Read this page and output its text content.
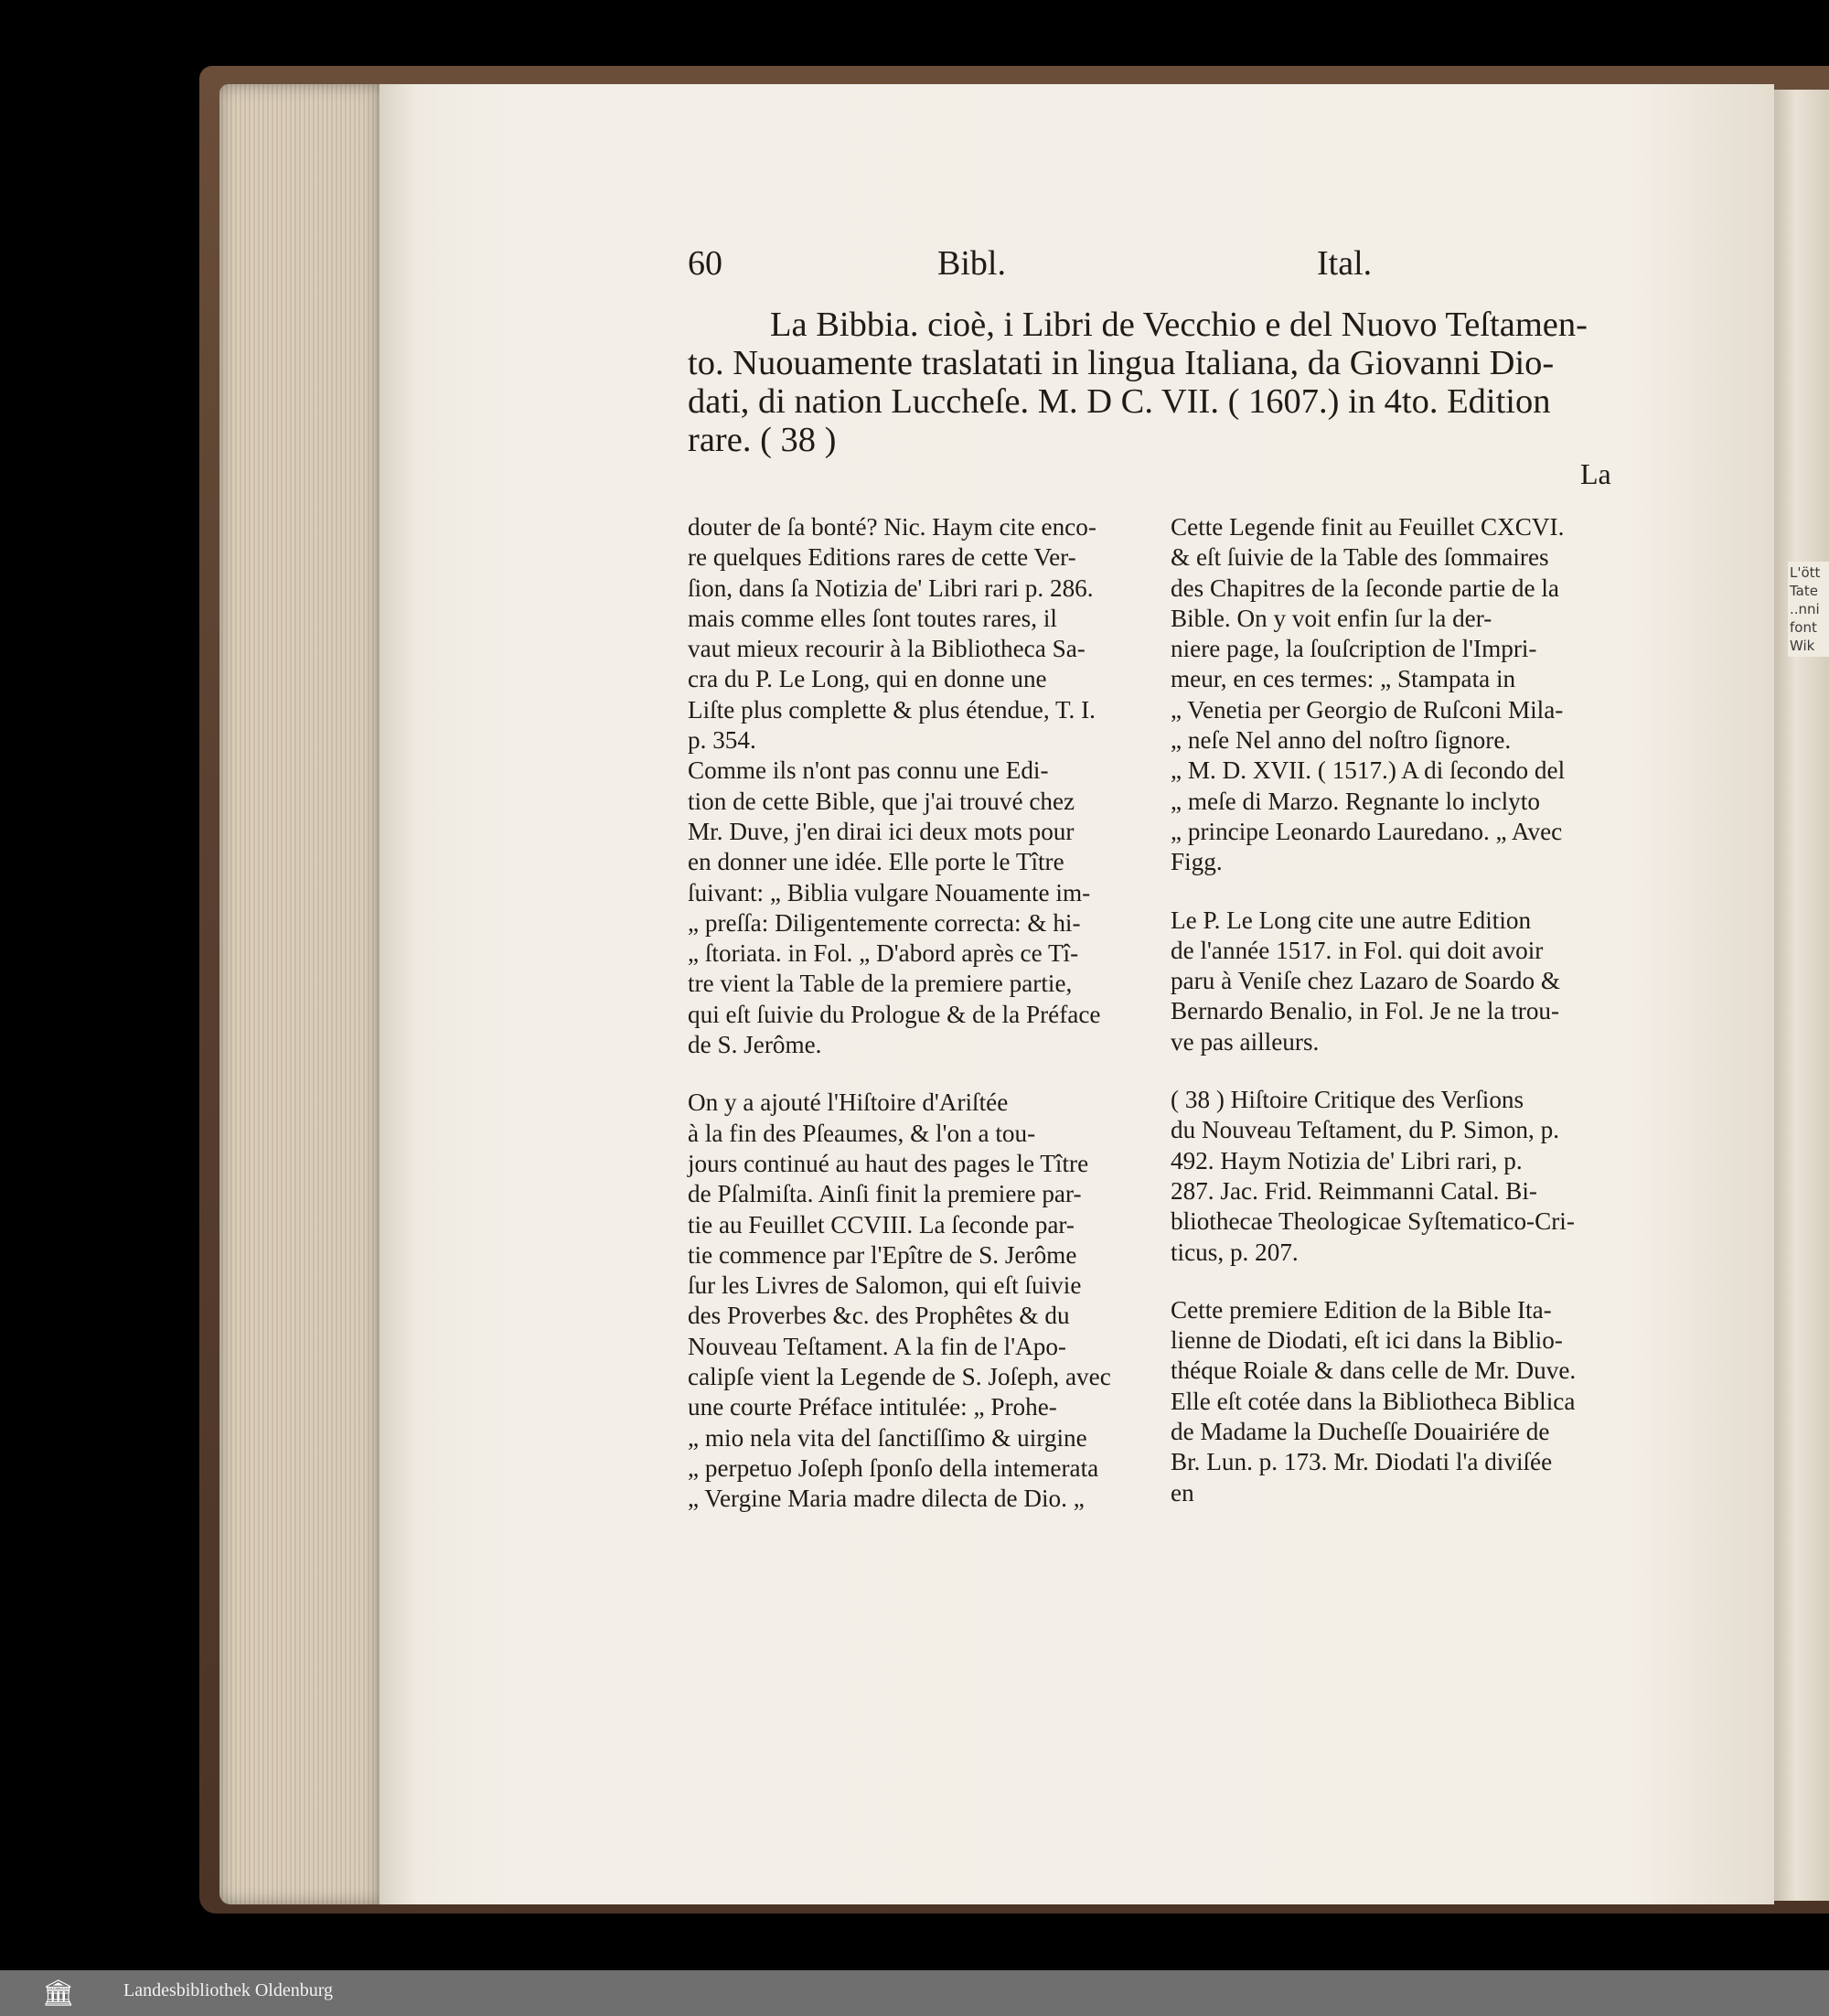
60	Bibl.	Ital.
La Bibbia. cioè, i Libri de Vecchio e del Nuovo Teſtamen-
to. Nuouamente traslatati in lingua Italiana, da Giovanni Dio-
dati, di nation Luccheſe. M. D C. VII. ( 1607.) in 4to. Edition
rare. ( 38 )
La
douter de ſa bonté? Nic. Haym cite enco-
re quelques Editions rares de cette Ver-
ſion, dans ſa Notizia de' Libri rari p. 286.
mais comme elles ſont toutes rares, il
vaut mieux recourir à la Bibliotheca Sa-
cra du P. Le Long, qui en donne une
Liſte plus complette & plus étendue, T. I.
p. 354.
Comme ils n'ont pas connu une Edi-
tion de cette Bible, que j'ai trouvé chez
Mr. Duve, j'en dirai ici deux mots pour
en donner une idée. Elle porte le Tître
ſuivant: „ Biblia vulgare Nouamente im-
„ preſſa: Diligentemente correcta: & hi-
„ ſtoriata. in Fol. „ D'abord après ce Tî-
tre vient la Table de la premiere partie,
qui eſt ſuivie du Prologue & de la Préface
de S. Jerôme.
On y a ajouté l'Hiſtoire d'Ariſtée
à la fin des Pſeaumes, & l'on a tou-
jours continué au haut des pages le Tître
de Pſalmiſta. Ainſi finit la premiere par-
tie au Feuillet CCVIII. La ſeconde par-
tie commence par l'Epître de S. Jerôme
ſur les Livres de Salomon, qui eſt ſuivie
des Proverbes &c. des Prophêtes & du
Nouveau Teſtament. A la fin de l'Apo-
calipſe vient la Legende de S. Joſeph, avec
une courte Préface intitulée: „ Prohe-
„ mio nela vita del ſanctiſſimo & uirgine
„ perpetuo Joſeph ſponſo della intemerata
„ Vergine Maria madre dilecta de Dio. „
Cette Legende finit au Feuillet CXCVI.
& eſt ſuivie de la Table des ſommaires
des Chapitres de la ſeconde partie de la
Bible. On y voit enfin ſur la der-
niere page, la ſouſcription de l'Impri-
meur, en ces termes: „ Stampata in
„ Venetia per Georgio de Ruſconi Mila-
„ neſe Nel anno del noſtro ſignore.
„ M. D. XVII. ( 1517.) A di ſecondo del
„ meſe di Marzo. Regnante lo inclyto
„ principe Leonardo Lauredano. „ Avec
Figg.
Le P. Le Long cite une autre Edition
de l'année 1517. in Fol. qui doit avoir
paru à Veniſe chez Lazaro de Soardo &
Bernardo Benalio, in Fol. Je ne la trou-
ve pas ailleurs.
( 38 ) Hiſtoire Critique des Verſions
du Nouveau Teſtament, du P. Simon, p.
492. Haym Notizia de' Libri rari, p.
287. Jac. Frid. Reimmanni Catal. Bi-
bliothecae Theologicae Syſtematico-Cri-
ticus, p. 207.
Cette premiere Edition de la Bible Ita-
lienne de Diodati, eſt ici dans la Biblio-
théque Roiale & dans celle de Mr. Duve.
Elle eſt cotée dans la Bibliotheca Biblica
de Madame la Ducheſſe Douairiére de
Br. Lun. p. 173. Mr. Diodati l'a diviſée
en
L'ött
Tate
..nni
font
Wik
🏛	Landesbibliothek Oldenburg
